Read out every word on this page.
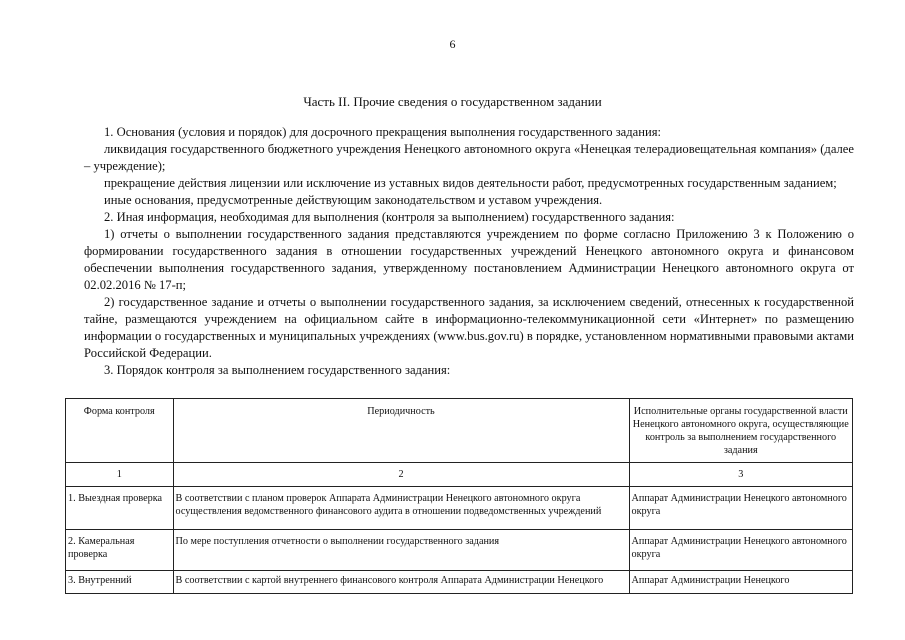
6
Часть II. Прочие сведения о государственном задании

1. Основания (условия и порядок) для досрочного прекращения выполнения государственного задания:

ликвидация государственного бюджетного учреждения Ненецкого автономного округа «Ненецкая телерадиовещательная компания» (далее – учреждение);

прекращение действия лицензии или исключение из уставных видов деятельности работ, предусмотренных государственным заданием;

иные основания, предусмотренные действующим законодательством и уставом учреждения.

2. Иная информация, необходимая для выполнения (контроля за выполнением) государственного задания:

1) отчеты о выполнении государственного задания представляются учреждением по форме согласно Приложению 3 к Положению о формировании государственного задания в отношении государственных учреждений Ненецкого автономного округа и финансовом обеспечении выполнения государственного задания, утвержденному постановлением Администрации Ненецкого автономного округа от 02.02.2016 № 17-п;

2) государственное задание и отчеты о выполнении государственного задания, за исключением сведений, отнесенных к государственной тайне, размещаются учреждением на официальном сайте в информационно-телекоммуникационной сети «Интернет» по размещению информации о государственных и муниципальных учреждениях (www.bus.gov.ru) в порядке, установленном нормативными правовыми актами Российской Федерации.

3. Порядок контроля за выполнением государственного задания:

Форма контроля	Периодичность	Исполнительные органы государственной власти Ненецкого автономного округа, осуществляющие контроль за выполнением государственного задания
1	2	3
1. Выездная проверка	В соответствии с планом проверок Аппарата Администрации Ненецкого автономного округа осуществления ведомственного финансового аудита в отношении подведомственных учреждений	Аппарат Администрации Ненецкого автономного округа
2. Камеральная проверка	По мере поступления отчетности о выполнении государственного задания	Аппарат Администрации Ненецкого автономного округа
3. Внутренний	В соответствии с картой внутреннего финансового контроля Аппарата Администрации Ненецкого	Аппарат Администрации Ненецкого
